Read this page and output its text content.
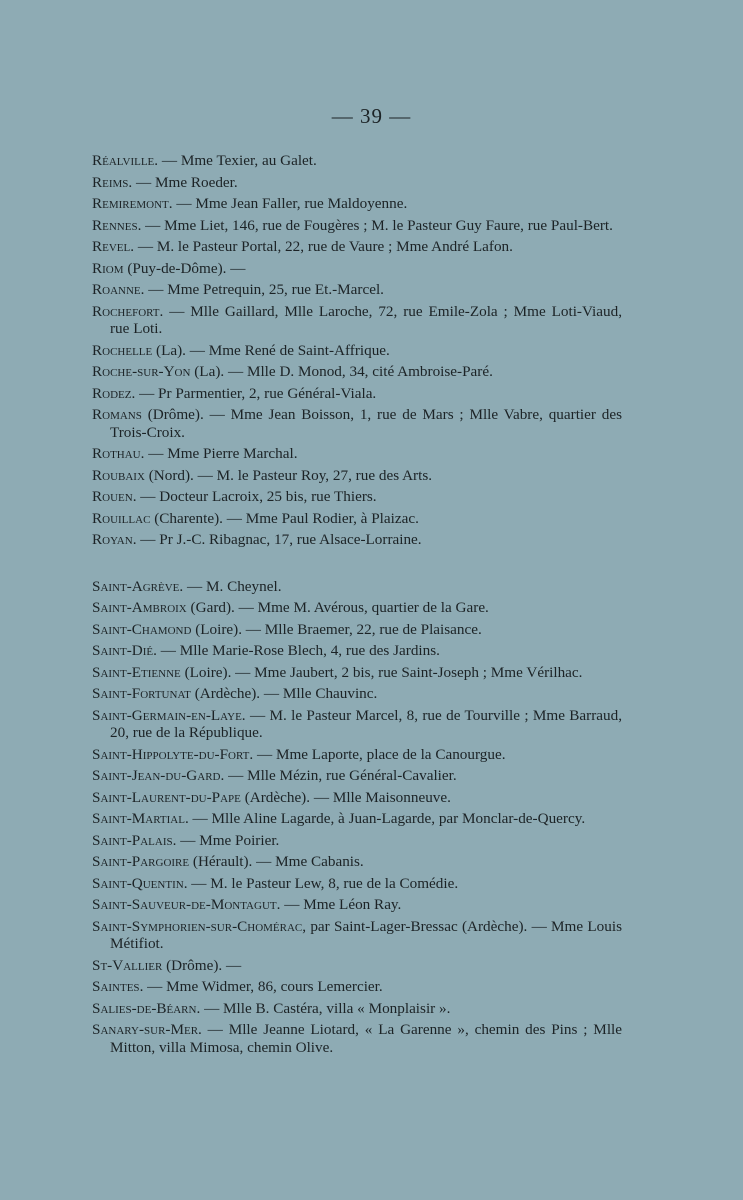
— 39 —
Réalville. — Mme Texier, au Galet.
Reims. — Mme Roeder.
Remiremont. — Mme Jean Faller, rue Maldoyenne.
Rennes. — Mme Liet, 146, rue de Fougères ; M. le Pasteur Guy Faure, rue Paul-Bert.
Revel. — M. le Pasteur Portal, 22, rue de Vaure ; Mme André Lafon.
Riom (Puy-de-Dôme). —
Roanne. — Mme Petrequin, 25, rue Et.-Marcel.
Rochefort. — Mlle Gaillard, Mlle Laroche, 72, rue Emile-Zola ; Mme Loti-Viaud, rue Loti.
Rochelle (La). — Mme René de Saint-Affrique.
Roche-sur-Yon (La). — Mlle D. Monod, 34, cité Ambroise-Paré.
Rodez. — Pr Parmentier, 2, rue Général-Viala.
Romans (Drôme). — Mme Jean Boisson, 1, rue de Mars ; Mlle Vabre, quartier des Trois-Croix.
Rothau. — Mme Pierre Marchal.
Roubaix (Nord). — M. le Pasteur Roy, 27, rue des Arts.
Rouen. — Docteur Lacroix, 25 bis, rue Thiers.
Rouillac (Charente). — Mme Paul Rodier, à Plaizac.
Royan. — Pr J.-C. Ribagnac, 17, rue Alsace-Lorraine.
Saint-Agrève. — M. Cheynel.
Saint-Ambroix (Gard). — Mme M. Avérous, quartier de la Gare.
Saint-Chamond (Loire). — Mlle Braemer, 22, rue de Plaisance.
Saint-Dié. — Mlle Marie-Rose Blech, 4, rue des Jardins.
Saint-Etienne (Loire). — Mme Jaubert, 2 bis, rue Saint-Joseph ; Mme Vérilhac.
Saint-Fortunat (Ardèche). — Mlle Chauvinc.
Saint-Germain-en-Laye. — M. le Pasteur Marcel, 8, rue de Tourville ; Mme Barraud, 20, rue de la République.
Saint-Hippolyte-du-Fort. — Mme Laporte, place de la Canourgue.
Saint-Jean-du-Gard. — Mlle Mézin, rue Général-Cavalier.
Saint-Laurent-du-Pape (Ardèche). — Mlle Maisonneuve.
Saint-Martial. — Mlle Aline Lagarde, à Juan-Lagarde, par Monclar-de-Quercy.
Saint-Palais. — Mme Poirier.
Saint-Pargoire (Hérault). — Mme Cabanis.
Saint-Quentin. — M. le Pasteur Lew, 8, rue de la Comédie.
Saint-Sauveur-de-Montagut. — Mme Léon Ray.
Saint-Symphorien-sur-Chomérac, par Saint-Lager-Bressac (Ardèche). — Mme Louis Métifiot.
St-Vallier (Drôme). —
Saintes. — Mme Widmer, 86, cours Lemercier.
Salies-de-Béarn. — Mlle B. Castéra, villa « Monplaisir ».
Sanary-sur-Mer. — Mlle Jeanne Liotard, « La Garenne », chemin des Pins ; Mlle Mitton, villa Mimosa, chemin Olive.
